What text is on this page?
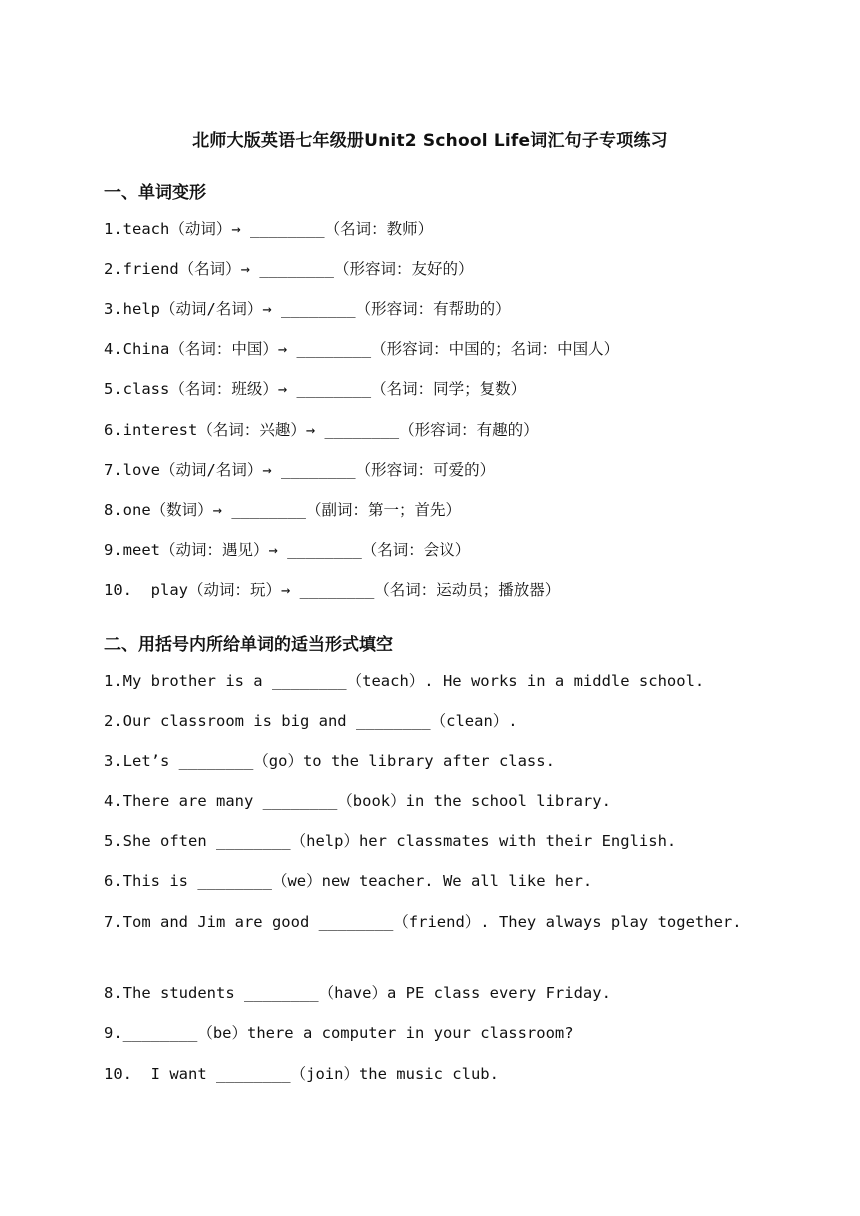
北师大版英语七年级册Unit2 School Life词汇句子专项练习
一、单词变形
1.teach（动词）→ ________（名词：教师）
2.friend（名词）→ ________（形容词：友好的）
3.help（动词/名词）→ ________（形容词：有帮助的）
4.China（名词：中国）→ ________（形容词：中国的；名词：中国人）
5.class（名词：班级）→ ________（名词：同学；复数）
6.interest（名词：兴趣）→ ________（形容词：有趣的）
7.love（动词/名词）→ ________（形容词：可爱的）
8.one（数词）→ ________（副词：第一；首先）
9.meet（动词：遇见）→ ________（名词：会议）
10.  play（动词：玩）→ ________（名词：运动员；播放器）
二、用括号内所给单词的适当形式填空
1.My brother is a ________（teach）. He works in a middle school.
2.Our classroom is big and ________（clean）.
3.Let’s ________（go）to the library after class.
4.There are many ________（book）in the school library.
5.She often ________（help）her classmates with their English.
6.This is ________（we）new teacher. We all like her.
7.Tom and Jim are good ________（friend）. They always play together.
8.The students ________（have）a PE class every Friday.
9.________（be）there a computer in your classroom?
10.  I want ________（join）the music club.
